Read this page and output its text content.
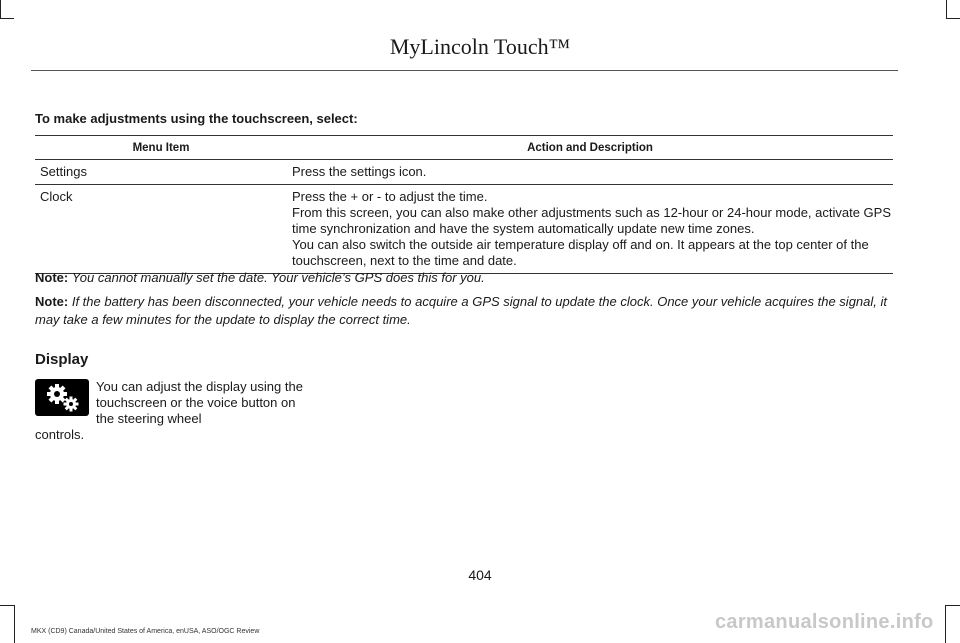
MyLincoln Touch™
To make adjustments using the touchscreen, select:
Menu Item	Action and Description
Settings	Press the settings icon.

Clock	Press the + or - to adjust the time.
From this screen, you can also make other adjustments such as 12-hour or 24-hour mode, activate GPS time synchronization and have the system automatically update new time zones.
You can also switch the outside air temperature display off and on. It appears at the top center of the touchscreen, next to the time and date.
Note: You cannot manually set the date. Your vehicle’s GPS does this for you.
Note: If the battery has been disconnected, your vehicle needs to acquire a GPS signal to update the clock. Once your vehicle acquires the signal, it may take a few minutes for the update to display the correct time.
Display
You can adjust the display using the touchscreen or the voice button on the steering wheel
controls.
404
MKX (CD9) Canada/United States of America, enUSA, ASO/OGC Review	carmanualsonline.info
